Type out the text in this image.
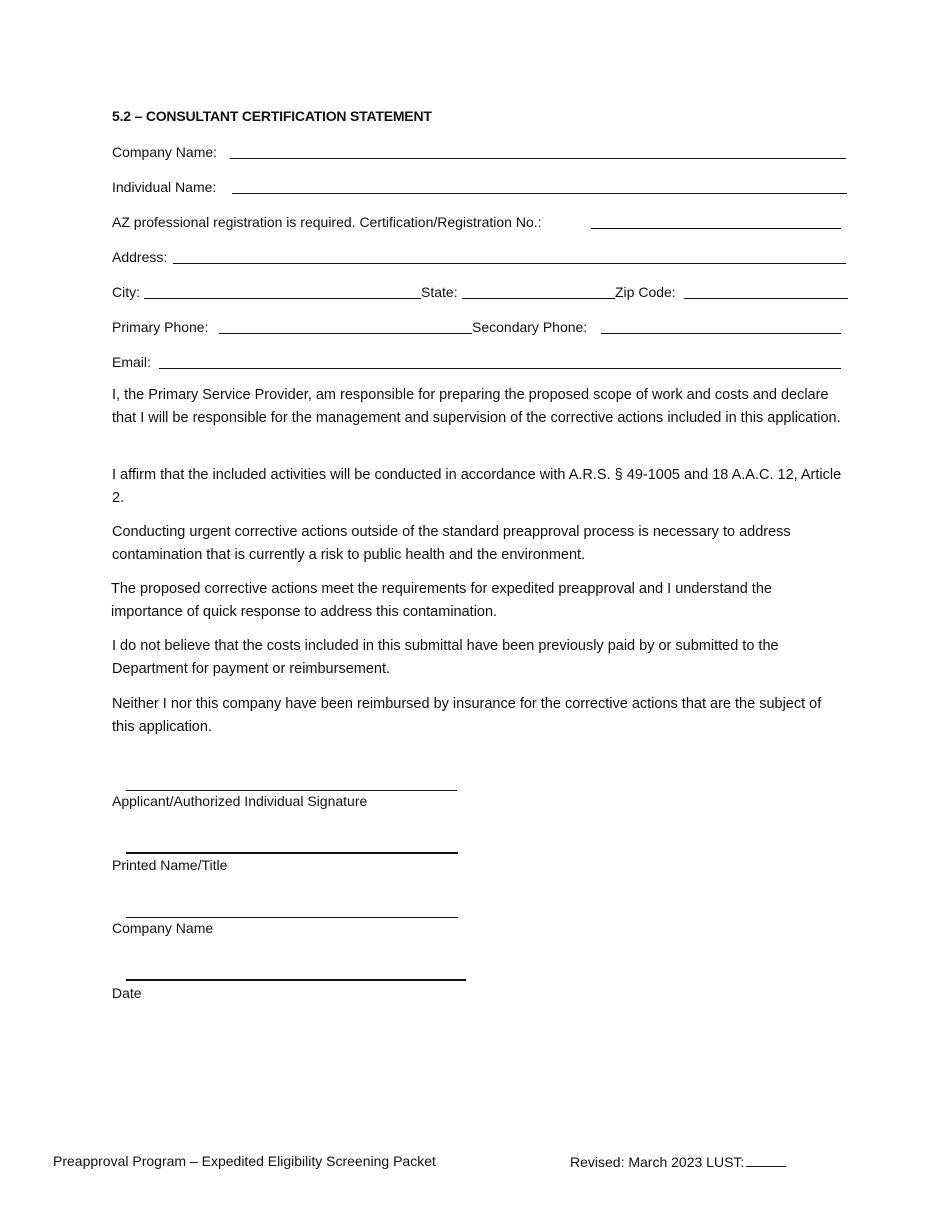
5.2 – CONSULTANT CERTIFICATION STATEMENT
Company Name:
Individual Name:
AZ professional registration is required. Certification/Registration No.:
Address:
City:	State:	Zip Code:
Primary Phone:	Secondary Phone:
Email:
I, the Primary Service Provider, am responsible for preparing the proposed scope of work and costs and declare that I will be responsible for the management and supervision of the corrective actions included in this application.
I affirm that the included activities will be conducted in accordance with A.R.S. § 49-1005 and 18 A.A.C. 12, Article 2.
Conducting urgent corrective actions outside of the standard preapproval process is necessary to address contamination that is currently a risk to public health and the environment.
The proposed corrective actions meet the requirements for expedited preapproval and I understand the importance of quick response to address this contamination.
I do not believe that the costs included in this submittal have been previously paid by or submitted to the Department for payment or reimbursement.
Neither I nor this company have been reimbursed by insurance for the corrective actions that are the subject of this application.
Applicant/Authorized Individual Signature
Printed Name/Title
Company Name
Date
Preapproval Program – Expedited Eligibility Screening Packet	Revised: March 2023 LUST:
